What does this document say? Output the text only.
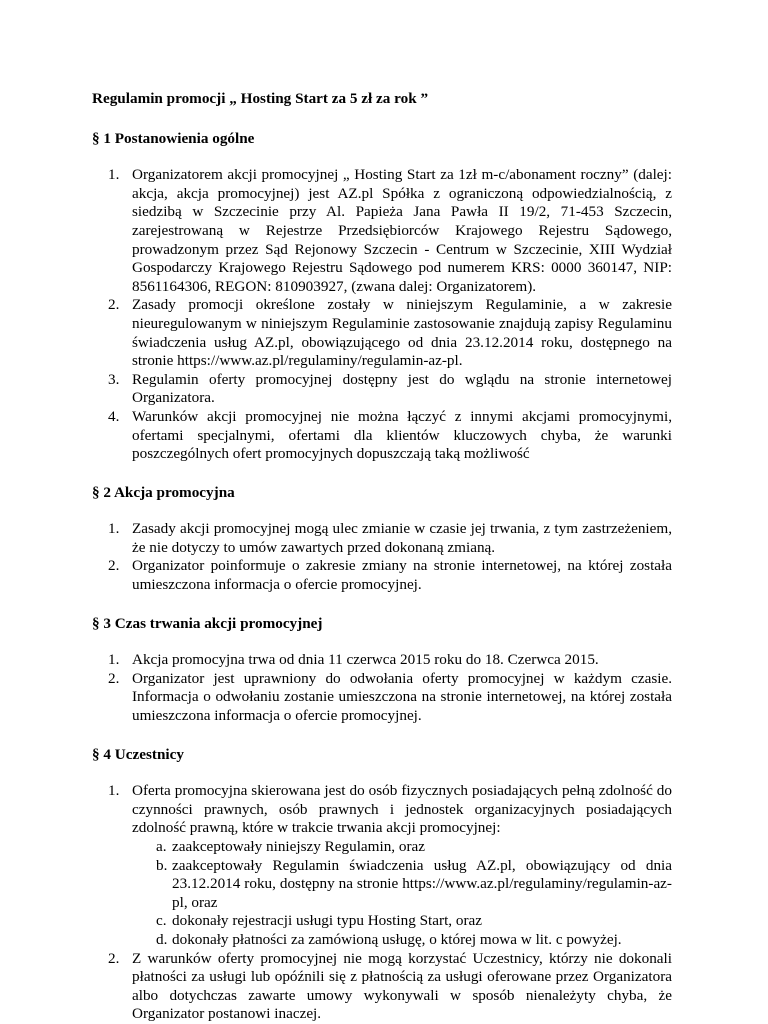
Regulamin promocji „ Hosting Start za 5 zł za rok ”

§ 1 Postanowienia ogólne

1. Organizatorem akcji promocyjnej „ Hosting Start za 1zł m-c/abonament roczny” (dalej: akcja, akcja promocyjnej) jest AZ.pl Spółka z ograniczoną odpowiedzialnością, z siedzibą w Szczecinie przy Al. Papieża Jana Pawła II 19/2, 71-453 Szczecin, zarejestrowaną w Rejestrze Przedsiębiorców Krajowego Rejestru Sądowego, prowadzonym przez Sąd Rejonowy Szczecin - Centrum w Szczecinie, XIII Wydział Gospodarczy Krajowego Rejestru Sądowego pod numerem KRS: 0000 360147, NIP: 8561164306, REGON: 810903927, (zwana dalej: Organizatorem).
2. Zasady promocji określone zostały w niniejszym Regulaminie, a w zakresie nieuregulowanym w niniejszym Regulaminie zastosowanie znajdują zapisy Regulaminu świadczenia usług AZ.pl, obowiązującego od dnia 23.12.2014 roku, dostępnego na stronie https://www.az.pl/regulaminy/regulamin-az-pl.
3. Regulamin oferty promocyjnej dostępny jest do wglądu na stronie internetowej Organizatora.
4. Warunków akcji promocyjnej nie można łączyć z innymi akcjami promocyjnymi, ofertami specjalnymi, ofertami dla klientów kluczowych chyba, że warunki poszczególnych ofert promocyjnych dopuszczają taką możliwość

§ 2 Akcja promocyjna

1. Zasady akcji promocyjnej mogą ulec zmianie w czasie jej trwania, z tym zastrzeżeniem, że nie dotyczy to umów zawartych przed dokonaną zmianą.
2. Organizator poinformuje o zakresie zmiany na stronie internetowej, na której została umieszczona informacja o ofercie promocyjnej.

§ 3 Czas trwania akcji promocyjnej

1. Akcja promocyjna trwa od dnia 11 czerwca 2015 roku do 18. Czerwca 2015.
2. Organizator jest uprawniony do odwołania oferty promocyjnej w każdym czasie. Informacja o odwołaniu zostanie umieszczona na stronie internetowej, na której została umieszczona informacja o ofercie promocyjnej.

§ 4 Uczestnicy

1. Oferta promocyjna skierowana jest do osób fizycznych posiadających pełną zdolność do czynności prawnych, osób prawnych i jednostek organizacyjnych posiadających zdolność prawną, które w trakcie trwania akcji promocyjnej:
a. zaakceptowały niniejszy Regulamin, oraz
b. zaakceptowały Regulamin świadczenia usług AZ.pl, obowiązujący od dnia 23.12.2014 roku, dostępny na stronie https://www.az.pl/regulaminy/regulamin-az-pl, oraz
c. dokonały rejestracji usługi typu Hosting Start, oraz
d. dokonały płatności za zamówioną usługę, o której mowa w lit. c powyżej.
2. Z warunków oferty promocyjnej nie mogą korzystać Uczestnicy, którzy nie dokonali płatności za usługi lub opóźnili się z płatnością za usługi oferowane przez Organizatora albo dotychczas zawarte umowy wykonywali w sposób nienależyty chyba, że Organizator postanowi inaczej.
